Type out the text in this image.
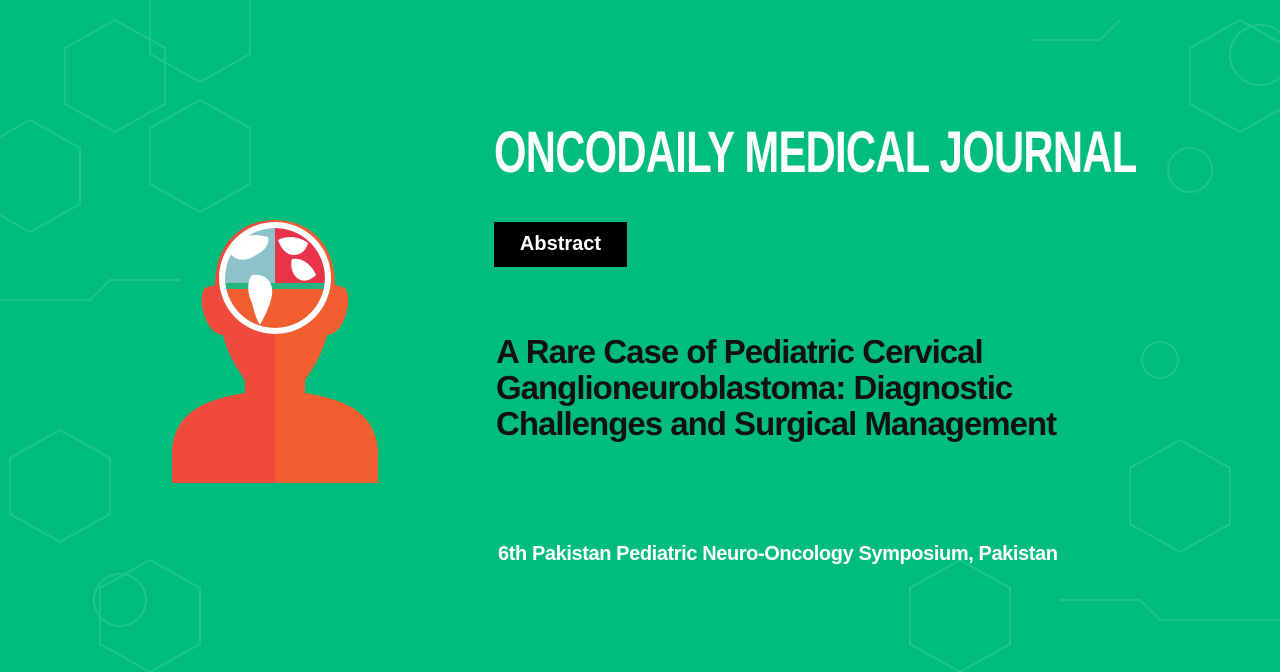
ONCODAILY MEDICAL JOURNAL
Abstract
A Rare Case of Pediatric Cervical Ganglioneuroblastoma: Diagnostic Challenges and Surgical Management
6th Pakistan Pediatric Neuro-Oncology Symposium, Pakistan
